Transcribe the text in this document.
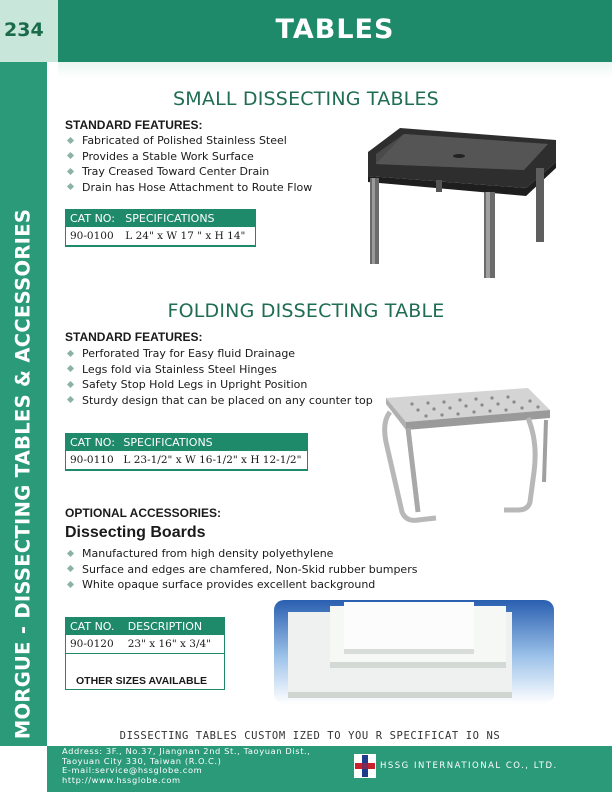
234	TABLES
MORGUE - DISSECTING TABLES & ACCESSORIES
SMALL DISSECTING TABLES
STANDARD FEATURES:
Fabricated of Polished Stainless Steel
Provides a Stable Work Surface
Tray Creased Toward Center Drain
Drain has Hose Attachment to Route Flow
CAT NO:	SPECIFICATIONS
90-0100	L 24" x W 17 " x H 14"
FOLDING DISSECTING TABLE
STANDARD FEATURES:
Perforated Tray for Easy fluid Drainage
Legs fold via Stainless Steel Hinges
Safety Stop Hold Legs in Upright Position
Sturdy design that can be placed on any counter top
CAT NO:	SPECIFICATIONS
90-0110	L 23-1/2" x W 16-1/2" x H 12-1/2"
OPTIONAL ACCESSORIES:
Dissecting Boards
Manufactured from high density polyethylene
Surface and edges are chamfered, Non-Skid rubber bumpers
White opaque surface provides excellent background
CAT NO.	DESCRIPTION
90-0120	23" x 16" x 3/4"
OTHER SIZES AVAILABLE
DISSECTING TABLES CUSTOM IZED TO YOU R SPECIFICAT IO NS
Address: 3F., No.37, Jiangnan 2nd St., Taoyuan Dist.,
Taoyuan City 330, Taiwan (R.O.C.)
E-mail:service@hssglobe.com
http://www.hssglobe.com
HSSG INTERNATIONAL CO., LTD.
